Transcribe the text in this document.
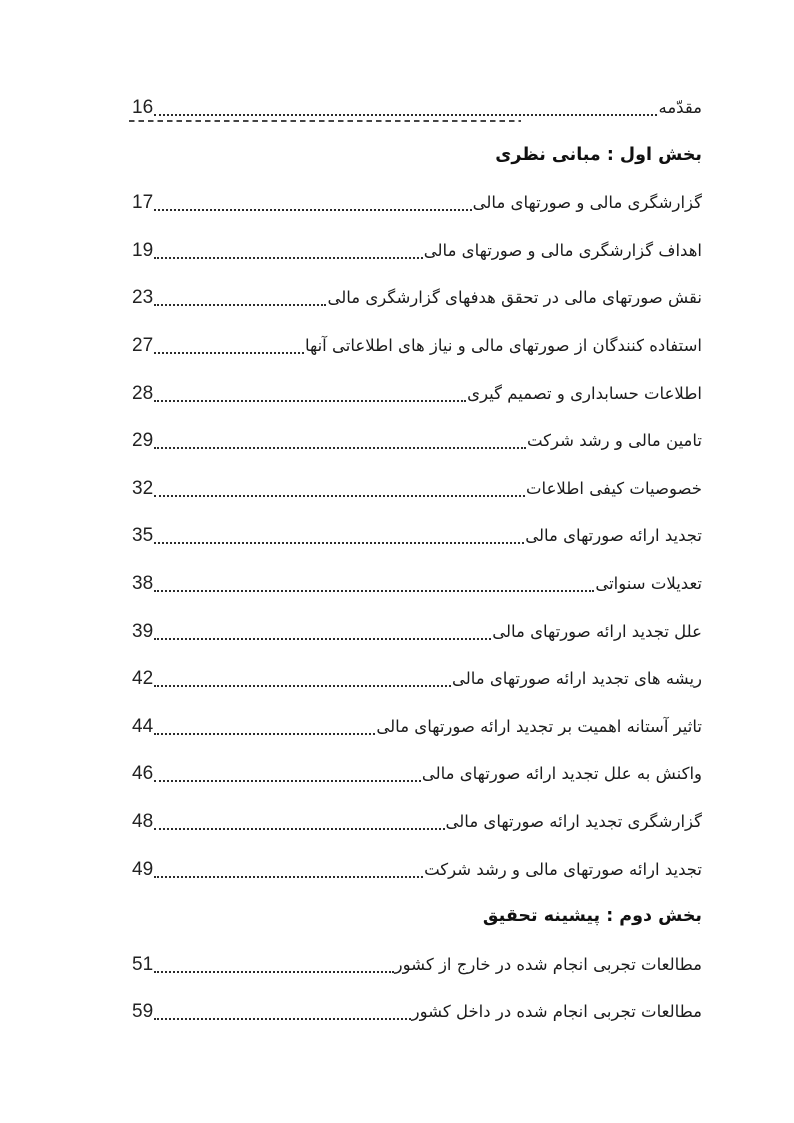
مقدّمه
16
بخش اول : مبانی نظری
گزارشگری مالی و صورتهای مالی
17
اهداف گزارشگری مالی و صورتهای مالی
19
نقش صورتهای مالی در تحقق هدفهای گزارشگری مالی
23
استفاده کنندگان از صورتهای مالی و نیاز های اطلاعاتی آنها
27
اطلاعات حسابداری و تصمیم گیری
28
تامین مالی و رشد شرکت
29
خصوصیات کیفی اطلاعات
32
تجدید ارائه صورتهای مالی
35
تعدیلات سنواتی
38
علل تجدید ارائه صورتهای مالی
39
ریشه های تجدید ارائه صورتهای مالی
42
تاثیر آستانه اهمیت بر تجدید ارائه صورتهای مالی
44
واکنش به علل تجدید ارائه صورتهای مالی
46
گزارشگری تجدید ارائه صورتهای مالی
48
تجدید ارائه صورتهای مالی و رشد شرکت
49
بخش دوم : پیشینه تحقیق
مطالعات تجربی انجام شده در خارج از کشور
51
مطالعات تجربی انجام شده در داخل کشور
59
